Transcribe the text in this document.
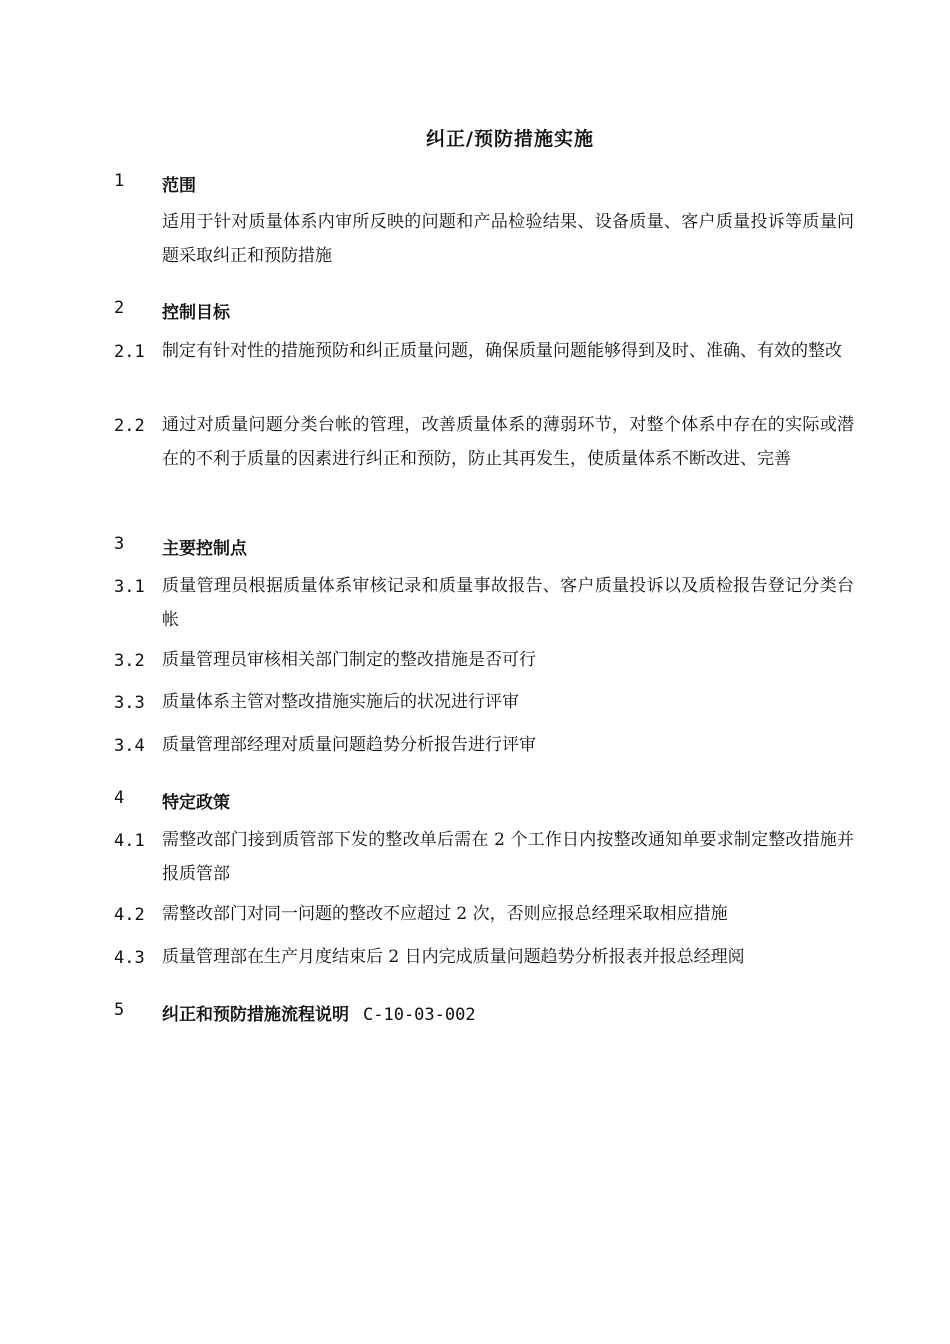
纠正/预防措施实施
1 范围
适用于针对质量体系内审所反映的问题和产品检验结果、设备质量、客户质量投诉等质量问题采取纠正和预防措施
2 控制目标
2.1 制定有针对性的措施预防和纠正质量问题，确保质量问题能够得到及时、准确、有效的整改
2.2 通过对质量问题分类台帐的管理，改善质量体系的薄弱环节，对整个体系中存在的实际或潜在的不利于质量的因素进行纠正和预防，防止其再发生，使质量体系不断改进、完善
3 主要控制点
3.1 质量管理员根据质量体系审核记录和质量事故报告、客户质量投诉以及质检报告登记分类台帐
3.2 质量管理员审核相关部门制定的整改措施是否可行
3.3 质量体系主管对整改措施实施后的状况进行评审
3.4 质量管理部经理对质量问题趋势分析报告进行评审
4 特定政策
4.1 需整改部门接到质管部下发的整改单后需在 2 个工作日内按整改通知单要求制定整改措施并报质管部
4.2 需整改部门对同一问题的整改不应超过 2 次，否则应报总经理采取相应措施
4.3 质量管理部在生产月度结束后 2 日内完成质量问题趋势分析报表并报总经理阅
5 纠正和预防措施流程说明 C-10-03-002
